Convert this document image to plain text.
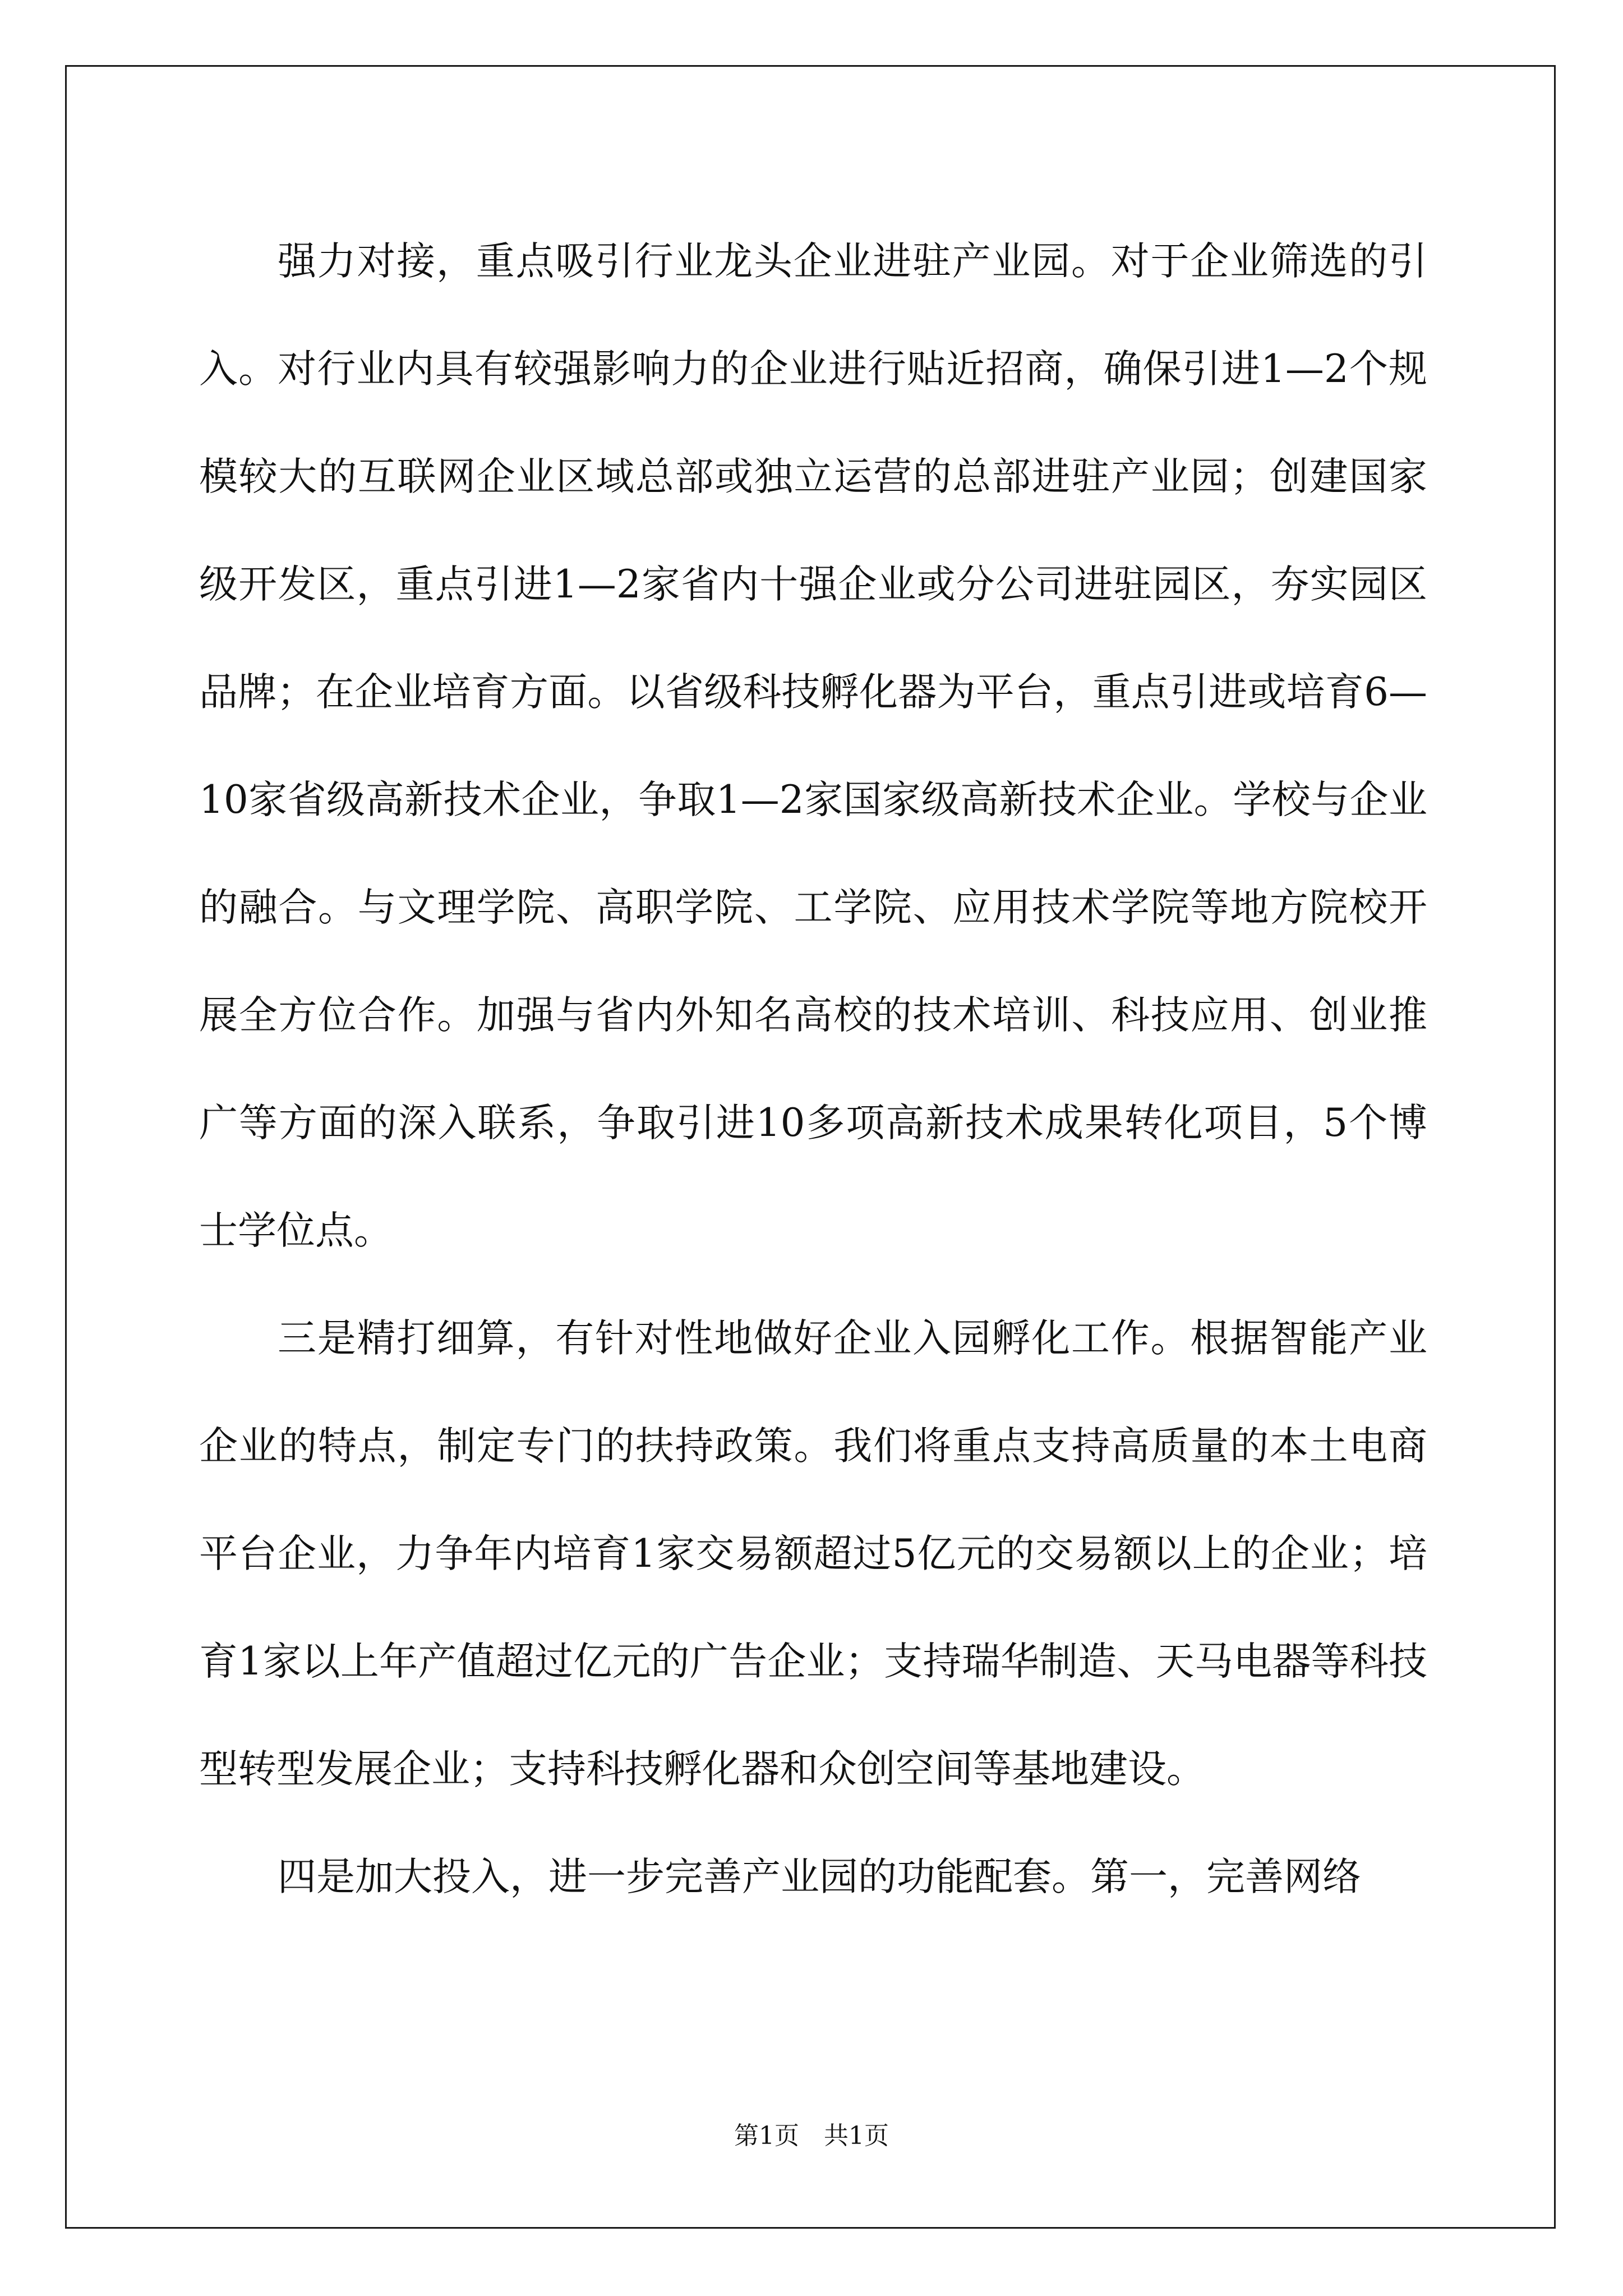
强力对接，重点吸引行业龙头企业进驻产业园。对于企业筛选的引入。对行业内具有较强影响力的企业进行贴近招商，确保引进1—2个规模较大的互联网企业区域总部或独立运营的总部进驻产业园；创建国家级开发区，重点引进1—2家省内十强企业或分公司进驻园区，夯实园区品牌；在企业培育方面。以省级科技孵化器为平台，重点引进或培育6—10家省级高新技术企业，争取1—2家国家级高新技术企业。学校与企业的融合。与文理学院、高职学院、工学院、应用技术学院等地方院校开展全方位合作。加强与省内外知名高校的技术培训、科技应用、创业推广等方面的深入联系，争取引进10多项高新技术成果转化项目，5个博士学位点。

三是精打细算，有针对性地做好企业入园孵化工作。根据智能产业企业的特点，制定专门的扶持政策。我们将重点支持高质量的本土电商平台企业，力争年内培育1家交易额超过5亿元的交易额以上的企业；培育1家以上年产值超过亿元的广告企业；支持瑞华制造、天马电器等科技型转型发展企业；支持科技孵化器和众创空间等基地建设。

四是加大投入，进一步完善产业园的功能配套。第一，完善网络

第1页　共1页
